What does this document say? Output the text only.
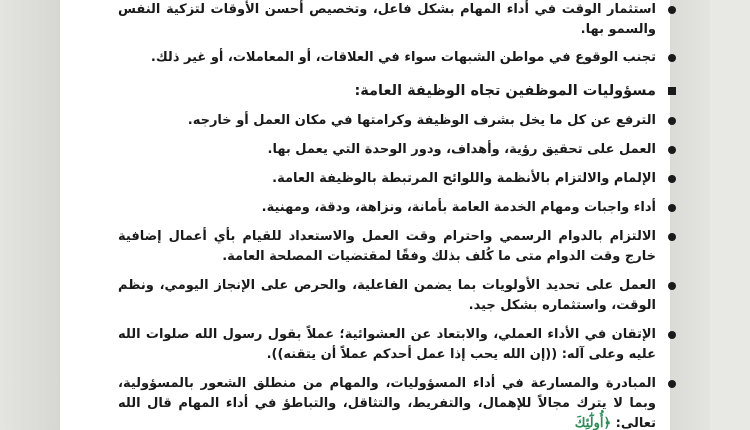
استثمار الوقت في أداء المهام بشكل فاعل، وتخصيص أحسن الأوقات لتزكية النفس والسمو بها.
تجنب الوقوع في مواطن الشبهات سواء في العلاقات، أو المعاملات، أو غير ذلك.
مسؤوليات الموظفين تجاه الوظيفة العامة:
الترفع عن كل ما يخل بشرف الوظيفة وكرامتها في مكان العمل أو خارجه.
العمل على تحقيق رؤية، وأهداف، ودور الوحدة التي يعمل بها.
الإلمام والالتزام بالأنظمة واللوائح المرتبطة بالوظيفة العامة.
أداء واجبات ومهام الخدمة العامة بأمانة، ونزاهة، ودقة، ومهنية.
الالتزام بالدوام الرسمي واحترام وقت العمل والاستعداد للقيام بأي أعمال إضافية خارج وقت الدوام متى ما كُلف بذلك وفقًا لمقتضيات المصلحة العامة.
العمل على تحديد الأولويات بما يضمن الفاعلية، والحرص على الإنجاز اليومي، ونظم الوقت، واستثماره بشكل جيد.
الإتقان في الأداء العملي، والابتعاد عن العشوائية؛ عملاً بقول رسول الله صلوات الله عليه وعلى آله: ((إن الله يحب إذا عمل أحدكم عملاً أن يتقنه)).
المبادرة والمسارعة في أداء المسؤوليات، والمهام من منطلق الشعور بالمسؤولية، وبما لا يترك مجالاً للإهمال، والتفريط، والتثاقل، والتباطؤ في أداء المهام قال الله تعالى: ﴿أُولَٰٓئِكَ
